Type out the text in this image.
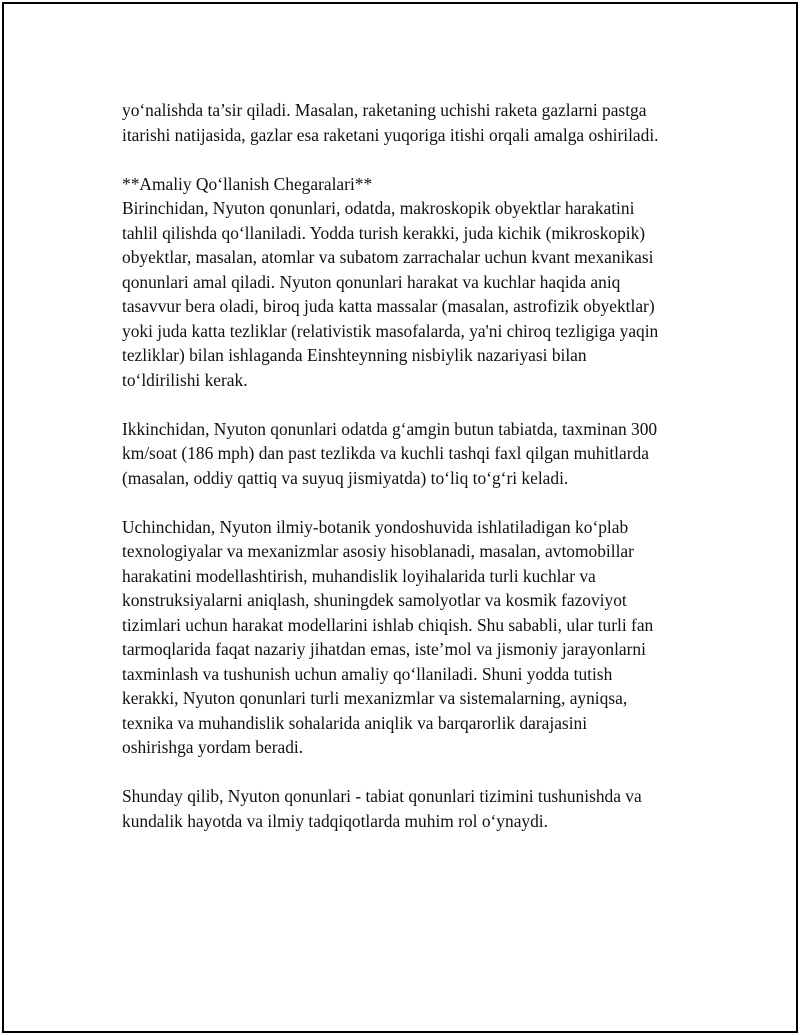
yo‘nalishda ta’sir qiladi. Masalan, raketaning uchishi raketa gazlarni pastga
itarishi natijasida, gazlar esa raketani yuqoriga itishi orqali amalga oshiriladi.
**Amaliy Qo‘llanish Chegaralari**
Birinchidan, Nyuton qonunlari, odatda, makroskopik obyektlar harakatini
tahlil qilishda qo‘llaniladi. Yodda turish kerakki, juda kichik (mikroskopik)
obyektlar, masalan, atomlar va subatom zarrachalar uchun kvant mexanikasi
qonunlari amal qiladi. Nyuton qonunlari harakat va kuchlar haqida aniq
tasavvur bera oladi, biroq juda katta massalar (masalan, astrofizik obyektlar)
yoki juda katta tezliklar (relativistik masofalarda, ya'ni chiroq tezligiga yaqin
tezliklar) bilan ishlaganda Einshteynning nisbiylik nazariyasi bilan
to‘ldirilishi kerak.
Ikkinchidan, Nyuton qonunlari odatda g‘amgin butun tabiatda, taxminan 300
km/soat (186 mph) dan past tezlikda va kuchli tashqi faxl qilgan muhitlarda
(masalan, oddiy qattiq va suyuq jismiyatda) to‘liq to‘g‘ri keladi.
Uchinchidan, Nyuton ilmiy-botanik yondoshuvida ishlatiladigan ko‘plab
texnologiyalar va mexanizmlar asosiy hisoblanadi, masalan, avtomobillar
harakatini modellashtirish, muhandislik loyihalarida turli kuchlar va
konstruksiyalarni aniqlash, shuningdek samolyotlar va kosmik fazoviyot
tizimlari uchun harakat modellarini ishlab chiqish. Shu sababli, ular turli fan
tarmoqlarida faqat nazariy jihatdan emas, iste’mol va jismoniy jarayonlarni
taxminlash va tushunish uchun amaliy qo‘llaniladi. Shuni yodda tutish
kerakki, Nyuton qonunlari turli mexanizmlar va sistemalarning, ayniqsa,
texnika va muhandislik sohalarida aniqlik va barqarorlik darajasini
oshirishga yordam beradi.
Shunday qilib, Nyuton qonunlari - tabiat qonunlari tizimini tushunishda va
kundalik hayotda va ilmiy tadqiqotlarda muhim rol o‘ynaydi.
